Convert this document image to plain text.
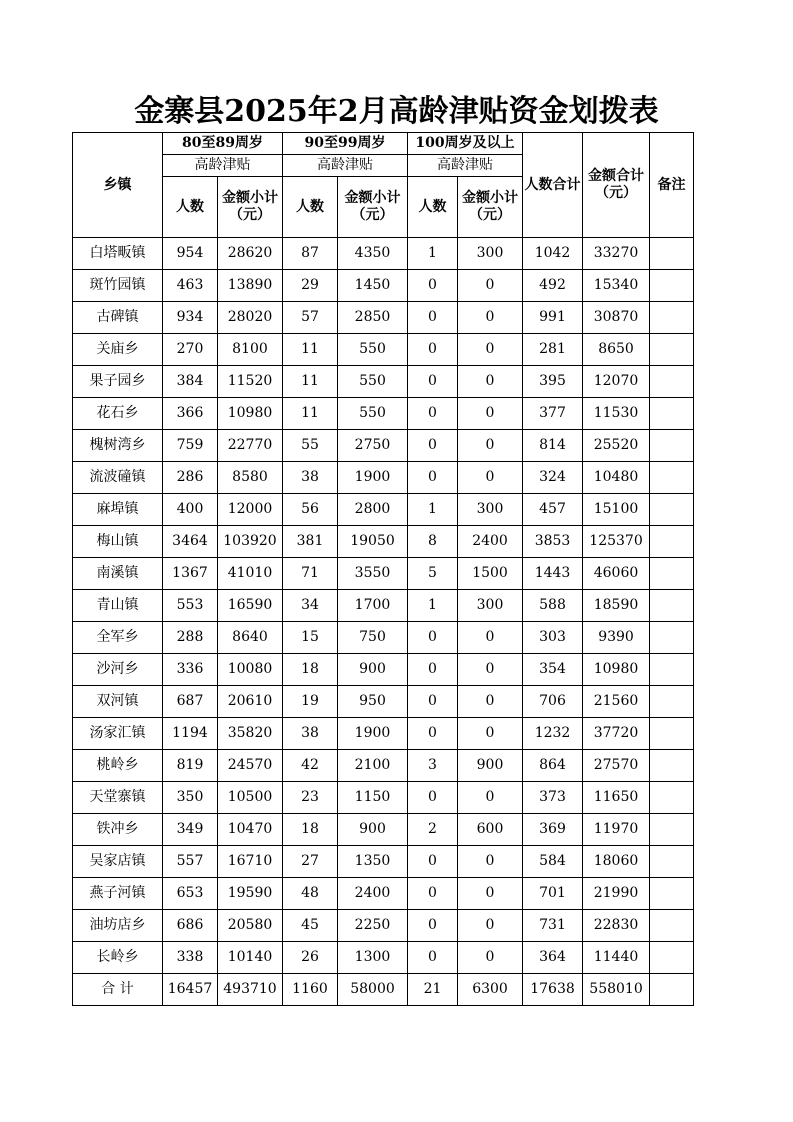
金寨县2025年2月高龄津贴资金划拨表
乡镇	80至89周岁		90至99周岁		100周岁及以上		人数合计	金额合计（元）	备注
	高龄津贴		高龄津贴		高龄津贴				
	人数	金额小计（元）	人数	金额小计（元）	人数	金额小计（元）			
白塔畈镇	954	28620	87	4350	1	300	1042	33270	
斑竹园镇	463	13890	29	1450	0	0	492	15340	
古碑镇	934	28020	57	2850	0	0	991	30870	
关庙乡	270	8100	11	550	0	0	281	8650	
果子园乡	384	11520	11	550	0	0	395	12070	
花石乡	366	10980	11	550	0	0	377	11530	
槐树湾乡	759	22770	55	2750	0	0	814	25520	
流波䃥镇	286	8580	38	1900	0	0	324	10480	
麻埠镇	400	12000	56	2800	1	300	457	15100	
梅山镇	3464	103920	381	19050	8	2400	3853	125370	
南溪镇	1367	41010	71	3550	5	1500	1443	46060	
青山镇	553	16590	34	1700	1	300	588	18590	
全军乡	288	8640	15	750	0	0	303	9390	
沙河乡	336	10080	18	900	0	0	354	10980	
双河镇	687	20610	19	950	0	0	706	21560	
汤家汇镇	1194	35820	38	1900	0	0	1232	37720	
桃岭乡	819	24570	42	2100	3	900	864	27570	
天堂寨镇	350	10500	23	1150	0	0	373	11650	
铁冲乡	349	10470	18	900	2	600	369	11970	
吴家店镇	557	16710	27	1350	0	0	584	18060	
燕子河镇	653	19590	48	2400	0	0	701	21990	
油坊店乡	686	20580	45	2250	0	0	731	22830	
长岭乡	338	10140	26	1300	0	0	364	11440	
合 计	16457	493710	1160	58000	21	6300	17638	558010	
